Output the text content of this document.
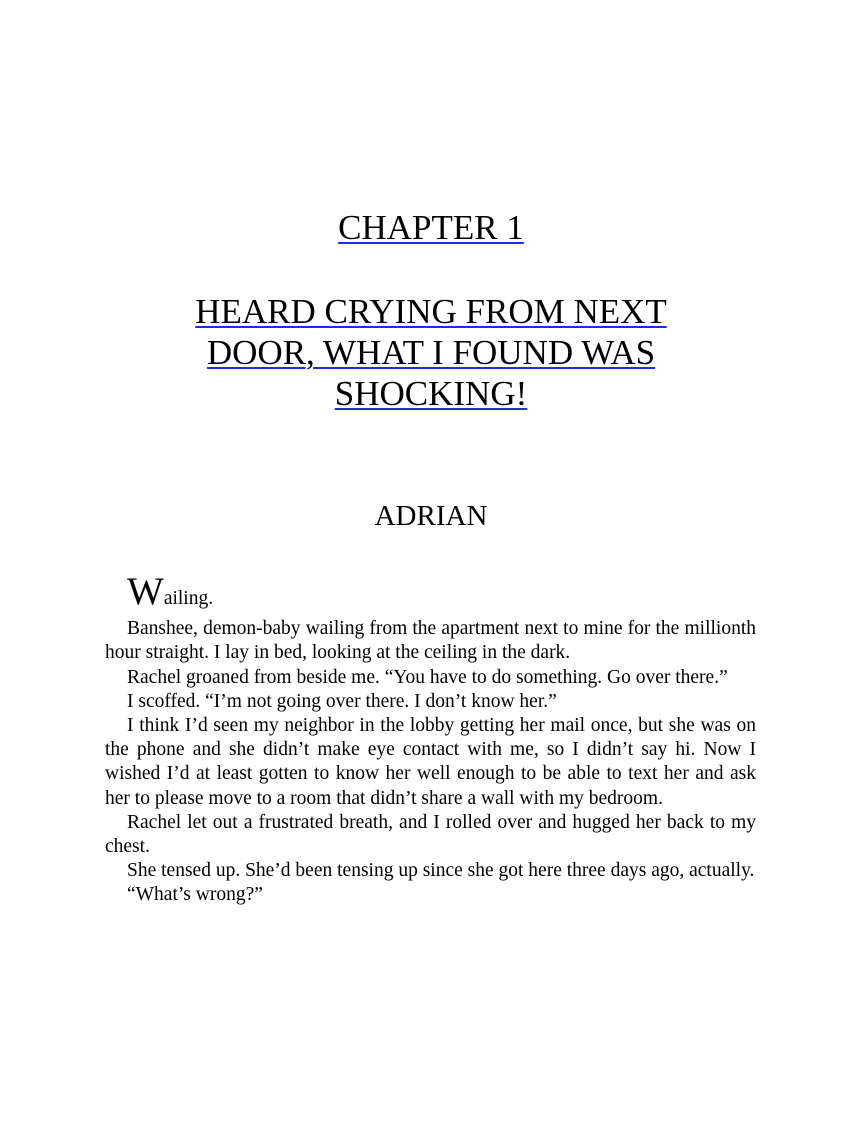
CHAPTER 1
HEARD CRYING FROM NEXT DOOR, WHAT I FOUND WAS SHOCKING!
ADRIAN

Wailing.

Banshee, demon-baby wailing from the apartment next to mine for the millionth hour straight. I lay in bed, looking at the ceiling in the dark.

Rachel groaned from beside me. “You have to do something. Go over there.”

I scoffed. “I’m not going over there. I don’t know her.”

I think I’d seen my neighbor in the lobby getting her mail once, but she was on the phone and she didn’t make eye contact with me, so I didn’t say hi. Now I wished I’d at least gotten to know her well enough to be able to text her and ask her to please move to a room that didn’t share a wall with my bedroom.

Rachel let out a frustrated breath, and I rolled over and hugged her back to my chest.

She tensed up. She’d been tensing up since she got here three days ago, actually.

“What’s wrong?”
